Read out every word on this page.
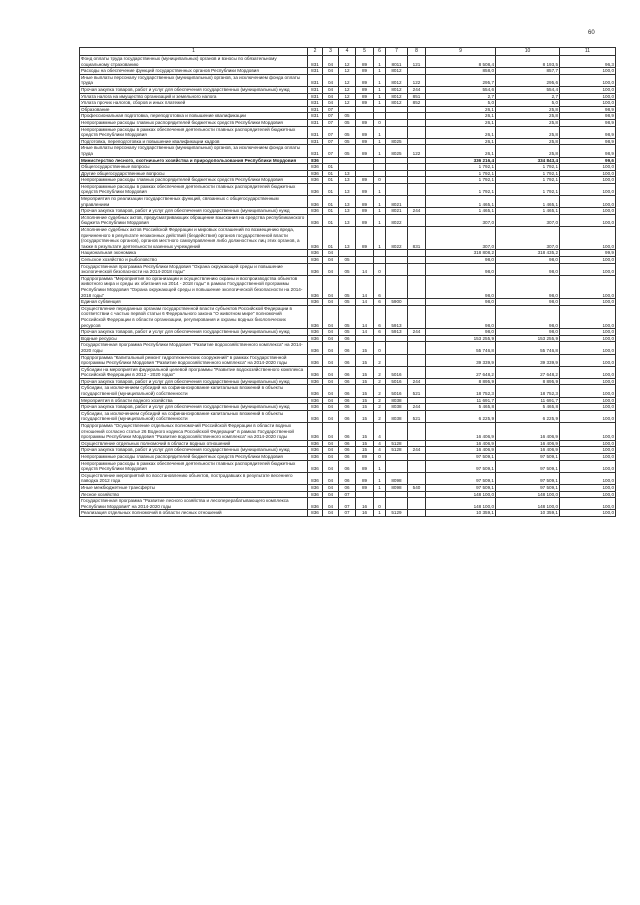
60
1	2	3	4	5	6	7	8	9	10	11
Фонд оплаты труда государственных (муниципальных) органов и взносы по обязательному социальному страхованию	831	04	12	89	1	8011	121	8 508,4	8 193,5	96,3
Расходы на обеспечение функций государственных органов Республики Мордовия	831	04	12	89	1	8012		858,0	857,7	100,0
Иные выплаты персоналу государственных (муниципальных) органов, за исключением фонда оплаты труда	831	04	12	89	1	8012	122	295,7	295,6	100,0
Прочая закупка товаров, работ и услуг для обеспечения государственных (муниципальных) нужд	831	04	12	89	1	8012	244	554,6	554,4	100,0
Уплата налога на имущество организаций и земельного налога	831	04	12	89	1	8012	851	2,7	2,7	100,0
Уплата прочих налогов, сборов и иных платежей	831	04	12	89	1	8012	852	5,0	5,0	100,0
Образование	831	07						26,1	25,8	98,9
Профессиональная подготовка, переподготовка и повышение квалификации	831	07	05					26,1	25,8	98,9
Непрограммные расходы главных распорядителей бюджетных средств Республики Мордовия	831	07	05	89	0			26,1	25,8	98,9
Непрограммные расходы в рамках обеспечения деятельности главных распорядителей бюджетных средств Республики Мордовия	831	07	05	89	1			26,1	25,8	98,9
Подготовка, переподготовка и повышение квалификации кадров	831	07	05	89	1	8025		26,1	25,8	98,9
Иные выплаты персоналу государственных (муниципальных) органов, за исключением фонда оплаты труда	831	07	05	89	1	8025	122	26,1	25,8	98,9
Министерство лесного, охотничьего хозяйства и природопользования Республики Мордовия	836							336 216,4	334 843,4	99,6
Общегосударственные вопросы	836	01						1 792,1	1 792,1	100,0
Другие общегосударственные вопросы	836	01	13					1 792,1	1 792,1	100,0
Непрограммные расходы главных распорядителей бюджетных средств Республики Мордовия	836	01	13	89	0			1 792,1	1 792,1	100,0
Непрограммные расходы в рамках обеспечения деятельности главных распорядителей бюджетных средств Республики Мордовия	836	01	13	89	1			1 792,1	1 792,1	100,0
Мероприятия по реализации государственных функций, связанных с общегосударственным управлением	836	01	13	89	1	8021		1 465,1	1 465,1	100,0
Прочая закупка товаров, работ и услуг для обеспечения государственных (муниципальных) нужд	836	01	13	89	1	8021	244	1 465,1	1 465,1	100,0
Исполнение судебных актов, предусматривающих обращение взыскания на средства республиканского бюджета Республики Мордовия	836	01	13	89	1	8022		307,0	307,0	100,0
Исполнение судебных актов Российской Федерации и мировых соглашений по возмещению вреда, причиненного в результате незаконных действий (бездействия) органов государственной власти (государственных органов), органов местного самоуправления либо должностных лиц этих органов, а также в результате деятельности казенных учреждений	836	01	13	89	1	8022	831	307,0	307,0	100,0
Национальная экономика	836	04						318 808,2	318 435,2	99,9
Сельское хозяйство и рыболовство	836	04	05					98,0	98,0	100,0
Государственная программа Республики Мордовия "Охрана окружающей среды и повышение экологической безопасности на 2014-2018 годы"	836	04	05	14	0			98,0	98,0	100,0
Подпрограмма "Мероприятия по организации и осуществлению охраны и воспроизводства объектов животного мира и среды их обитания на 2014 - 2018 годы" в рамках Государственной программы Республики Мордовия "Охрана окружающей среды и повышение экологической безопасности на 2014-2018 годы"	836	04	05	14	6			98,0	98,0	100,0
Единая субвенция	836	04	05	14	6	5900		98,0	98,0	100,0
Осуществление переданных органам государственной власти субъектов Российской Федерации в соответствии с частью первой статьи 6 Федерального закона "О животном мире" полномочий Российской Федерации в области организации, регулирования и охраны водных биологических ресурсов	836	04	05	14	6	5913		98,0	98,0	100,0
Прочая закупка товаров, работ и услуг для обеспечения государственных (муниципальных) нужд	836	04	05	14	6	5913	244	98,0	98,0	100,0
Водные ресурсы	836	04	06					153 255,9	153 255,9	100,0
Государственная программа Республики Мордовия "Развитие водохозяйственного комплекса" на 2014-2020 годы	836	04	06	15	0			55 746,8	55 746,8	100,0
Подпрограмма "Капитальный ремонт гидротехнических сооружений" в рамках Государственной программы Республики Мордовия "Развитие водохозяйственного комплекса" на 2014-2020 годы	836	04	06	15	2			39 339,9	39 339,9	100,0
Субсидии на мероприятия федеральной целевой программы "Развитие водохозяйственного комплекса Российской Федерации в 2012 - 2020 годах"	836	04	06	15	2	5016		27 648,2	27 648,2	100,0
Прочая закупка товаров, работ и услуг для обеспечения государственных (муниципальных) нужд	836	04	06	15	2	5016	244	8 895,9	8 895,9	100,0
Субсидии, за исключением субсидий на софинансирование капитальных вложений в объекты государственной (муниципальной) собственности	836	04	06	15	2	5016	521	18 752,3	18 752,3	100,0
Мероприятия в области водного хозяйства	836	04	06	15	2	8038		11 691,7	11 691,7	100,0
Прочая закупка товаров, работ и услуг для обеспечения государственных (муниципальных) нужд	836	04	06	15	2	8038	244	5 465,8	5 465,8	100,0
Субсидии, за исключением субсидий на софинансирование капитальных вложений в объекты государственной (муниципальной) собственности	836	04	06	15	2	8038	521	6 225,9	6 225,9	100,0
Подпрограмма "Осуществление отдельных полномочий Российской Федерации в области водных отношений согласно статье 26 Водного кодекса Российской Федерации" в рамках Государственной программы Республики Мордовия "Развитие водохозяйственного комплекса" на 2014-2020 годы	836	04	06	15	4			16 406,9	16 406,9	100,0
Осуществление отдельных полномочий в области водных отношений	836	04	06	15	4	5128		16 406,9	16 406,9	100,0
Прочая закупка товаров, работ и услуг для обеспечения государственных (муниципальных) нужд	836	04	06	15	4	5128	244	16 406,9	16 406,9	100,0
Непрограммные расходы главных распорядителей бюджетных средств Республики Мордовия	836	04	06	89	0			97 509,1	97 509,1	100,0
Непрограммные расходы в рамках обеспечения деятельности главных распорядителей бюджетных средств Республики Мордовия	836	04	06	89	1			97 509,1	97 509,1	100,0
Осуществление мероприятий по восстановлению объектов, пострадавших в результате весеннего паводка 2012 года	836	04	06	89	1	8098		97 509,1	97 509,1	100,0
Иные межбюджетные трансферты	836	04	06	89	1	8098	540	97 509,1	97 509,1	100,0
Лесное хозяйство	836	04	07					148 100,0	148 100,0	100,0
Государственная программа "Развитие лесного хозяйства и лесоперерабатывающего комплекса Республики Мордовия" на 2014-2020 годы	836	04	07	16	0			148 100,0	148 100,0	100,0
Реализация отдельных полномочий в области лесных отношений	836	04	07	16	1	5129		10 359,1	10 359,1	100,0
